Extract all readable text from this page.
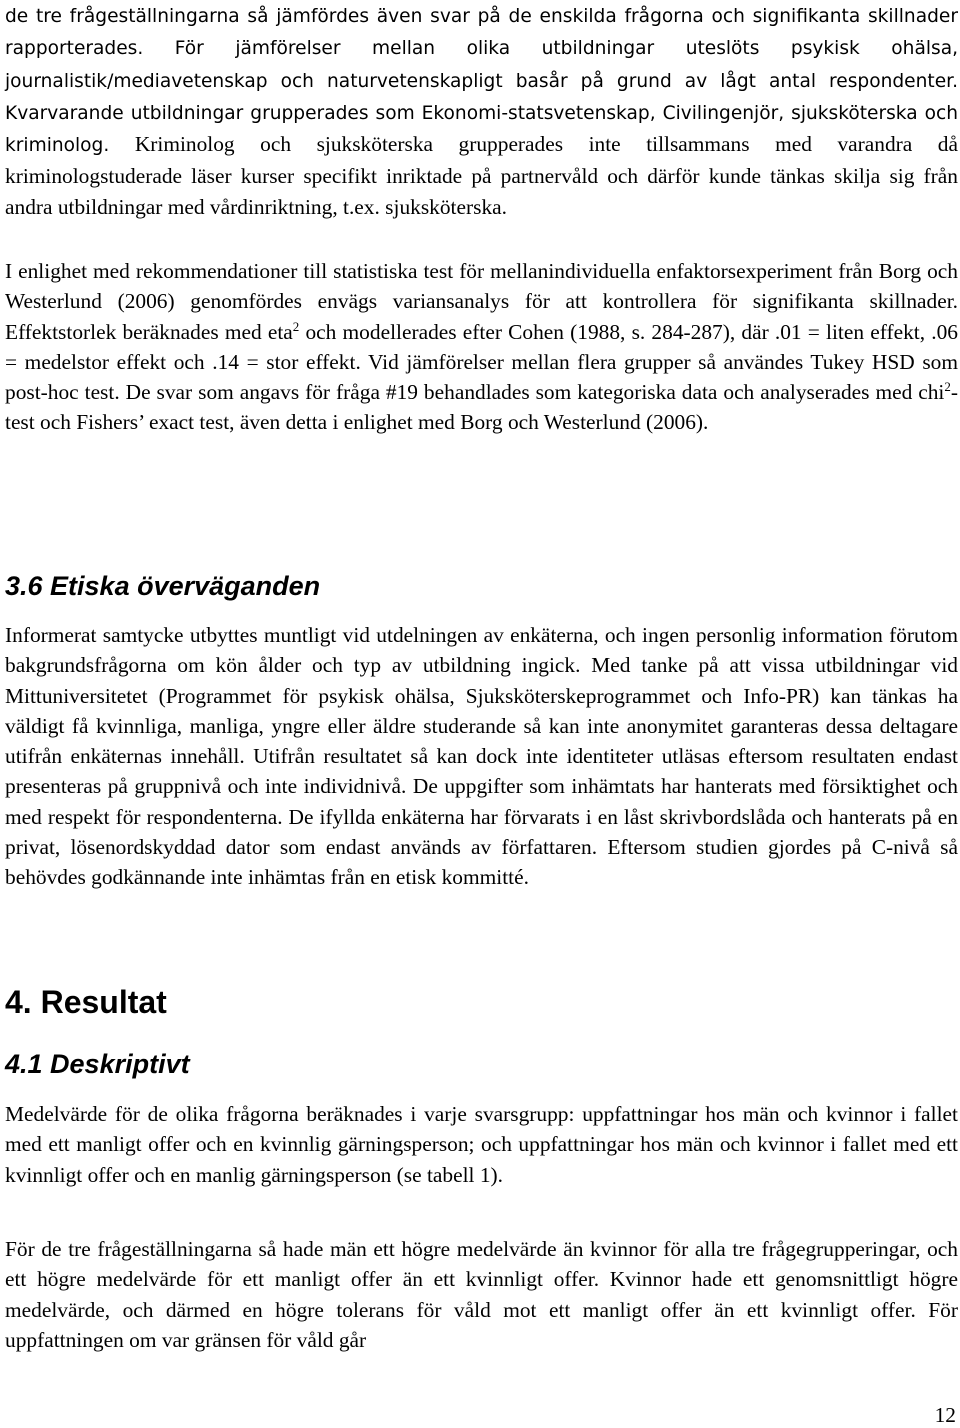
de tre frågeställningarna så jämfördes även svar på de enskilda frågorna och signifikanta skillnader rapporterades. För jämförelser mellan olika utbildningar uteslöts psykisk ohälsa, journalistik/mediavetenskap och naturvetenskapligt basår på grund av lågt antal respondenter. Kvarvarande utbildningar grupperades som Ekonomi-statsvetenskap, Civilingenjör, sjuksköterska och kriminolog. Kriminolog och sjuksköterska grupperades inte tillsammans med varandra då kriminologstuderade läser kurser specifikt inriktade på partnervåld och därför kunde tänkas skilja sig från andra utbildningar med vårdinriktning, t.ex. sjuksköterska.

I enlighet med rekommendationer till statistiska test för mellanindividuella enfaktorsexperiment från Borg och Westerlund (2006) genomfördes envägs variansanalys för att kontrollera för signifikanta skillnader. Effektstorlek beräknades med eta$^2$ och modellerades efter Cohen (1988, s. 284-287), där .01 = liten effekt, .06 = medelstor effekt och .14 = stor effekt. Vid jämförelser mellan flera grupper så användes Tukey HSD som post-hoc test. De svar som angavs för fråga #19 behandlades som kategoriska data och analyserades med chi$^2$-test och Fishers’ exact test, även detta i enlighet med Borg och Westerlund (2006).

3.6 Etiska överväganden

Informerat samtycke utbyttes muntligt vid utdelningen av enkäterna, och ingen personlig information förutom bakgrundsfrågorna om kön ålder och typ av utbildning ingick. Med tanke på att vissa utbildningar vid Mittuniversitetet (Programmet för psykisk ohälsa, Sjuksköterskeprogrammet och Info-PR) kan tänkas ha väldigt få kvinnliga, manliga, yngre eller äldre studerande så kan inte anonymitet garanteras dessa deltagare utifrån enkäternas innehåll. Utifrån resultatet så kan dock inte identiteter utläsas eftersom resultaten endast presenteras på gruppnivå och inte individnivå. De uppgifter som inhämtats har hanterats med försiktighet och med respekt för respondenterna. De ifyllda enkäterna har förvarats i en låst skrivbordslåda och hanterats på en privat, lösenordskyddad dator som endast används av författaren. Eftersom studien gjordes på C-nivå så behövdes godkännande inte inhämtas från en etisk kommitté.

4. Resultat
4.1 Deskriptivt

Medelvärde för de olika frågorna beräknades i varje svarsgrupp: uppfattningar hos män och kvinnor i fallet med ett manligt offer och en kvinnlig gärningsperson; och uppfattningar hos män och kvinnor i fallet med ett kvinnligt offer och en manlig gärningsperson (se tabell 1).

För de tre frågeställningarna så hade män ett högre medelvärde än kvinnor för alla tre frågegrupperingar, och ett högre medelvärde för ett manligt offer än ett kvinnligt offer. Kvinnor hade ett genomsnittligt högre medelvärde, och därmed en högre tolerans för våld mot ett manligt offer än ett kvinnligt offer. För uppfattningen om var gränsen för våld går

12
